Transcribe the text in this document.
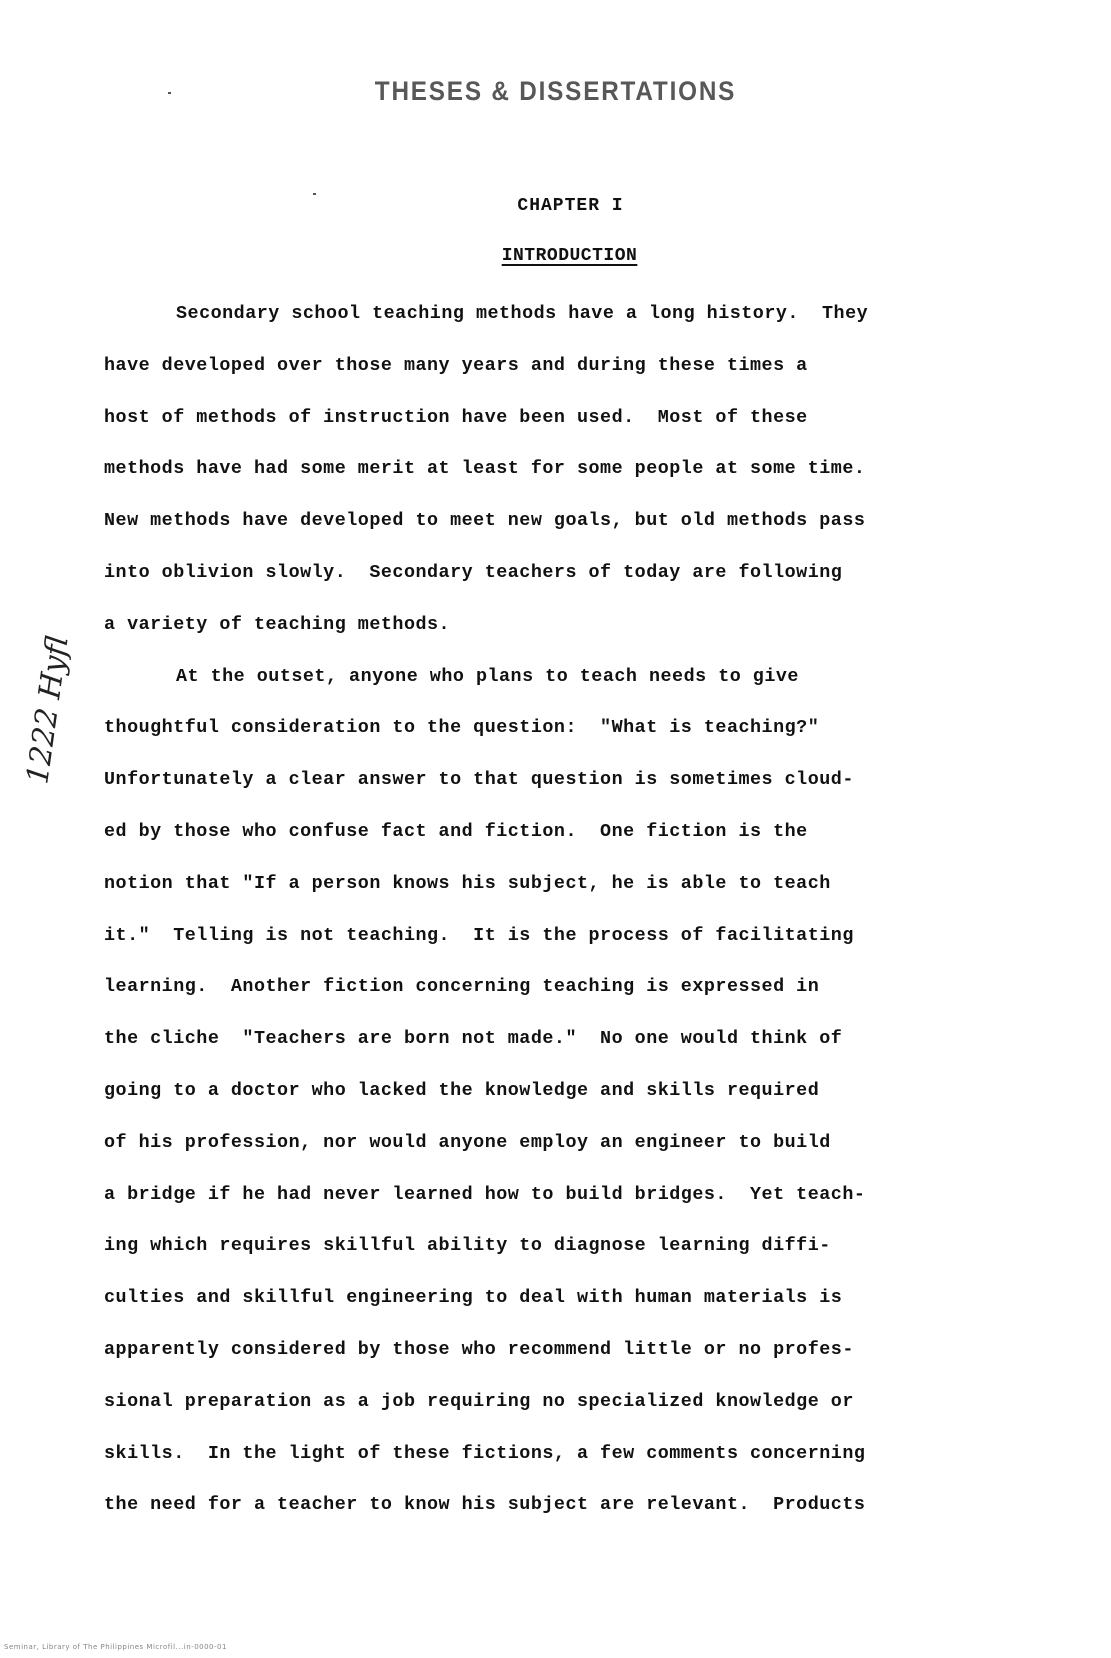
THESES & DISSERTATIONS
CHAPTER I
INTRODUCTION
Secondary school teaching methods have a long history.  They
have developed over those many years and during these times a
host of methods of instruction have been used.  Most of these
methods have had some merit at least for some people at some time.
New methods have developed to meet new goals, but old methods pass
into oblivion slowly.  Secondary teachers of today are following
a variety of teaching methods.
At the outset, anyone who plans to teach needs to give
thoughtful consideration to the question:  "What is teaching?"
Unfortunately a clear answer to that question is sometimes cloud-
ed by those who confuse fact and fiction.  One fiction is the
notion that "If a person knows his subject, he is able to teach
it."  Telling is not teaching.  It is the process of facilitating
learning.  Another fiction concerning teaching is expressed in
the cliche  "Teachers are born not made."  No one would think of
going to a doctor who lacked the knowledge and skills required
of his profession, nor would anyone employ an engineer to build
a bridge if he had never learned how to build bridges.  Yet teach-
ing which requires skillful ability to diagnose learning diffi-
culties and skillful engineering to deal with human materials is
apparently considered by those who recommend little or no profes-
sional preparation as a job requiring no specialized knowledge or
skills.  In the light of these fictions, a few comments concerning
the need for a teacher to know his subject are relevant.  Products
1222 Hyfl
Seminar, Library of The Philippines Microfil...in-0000-01
